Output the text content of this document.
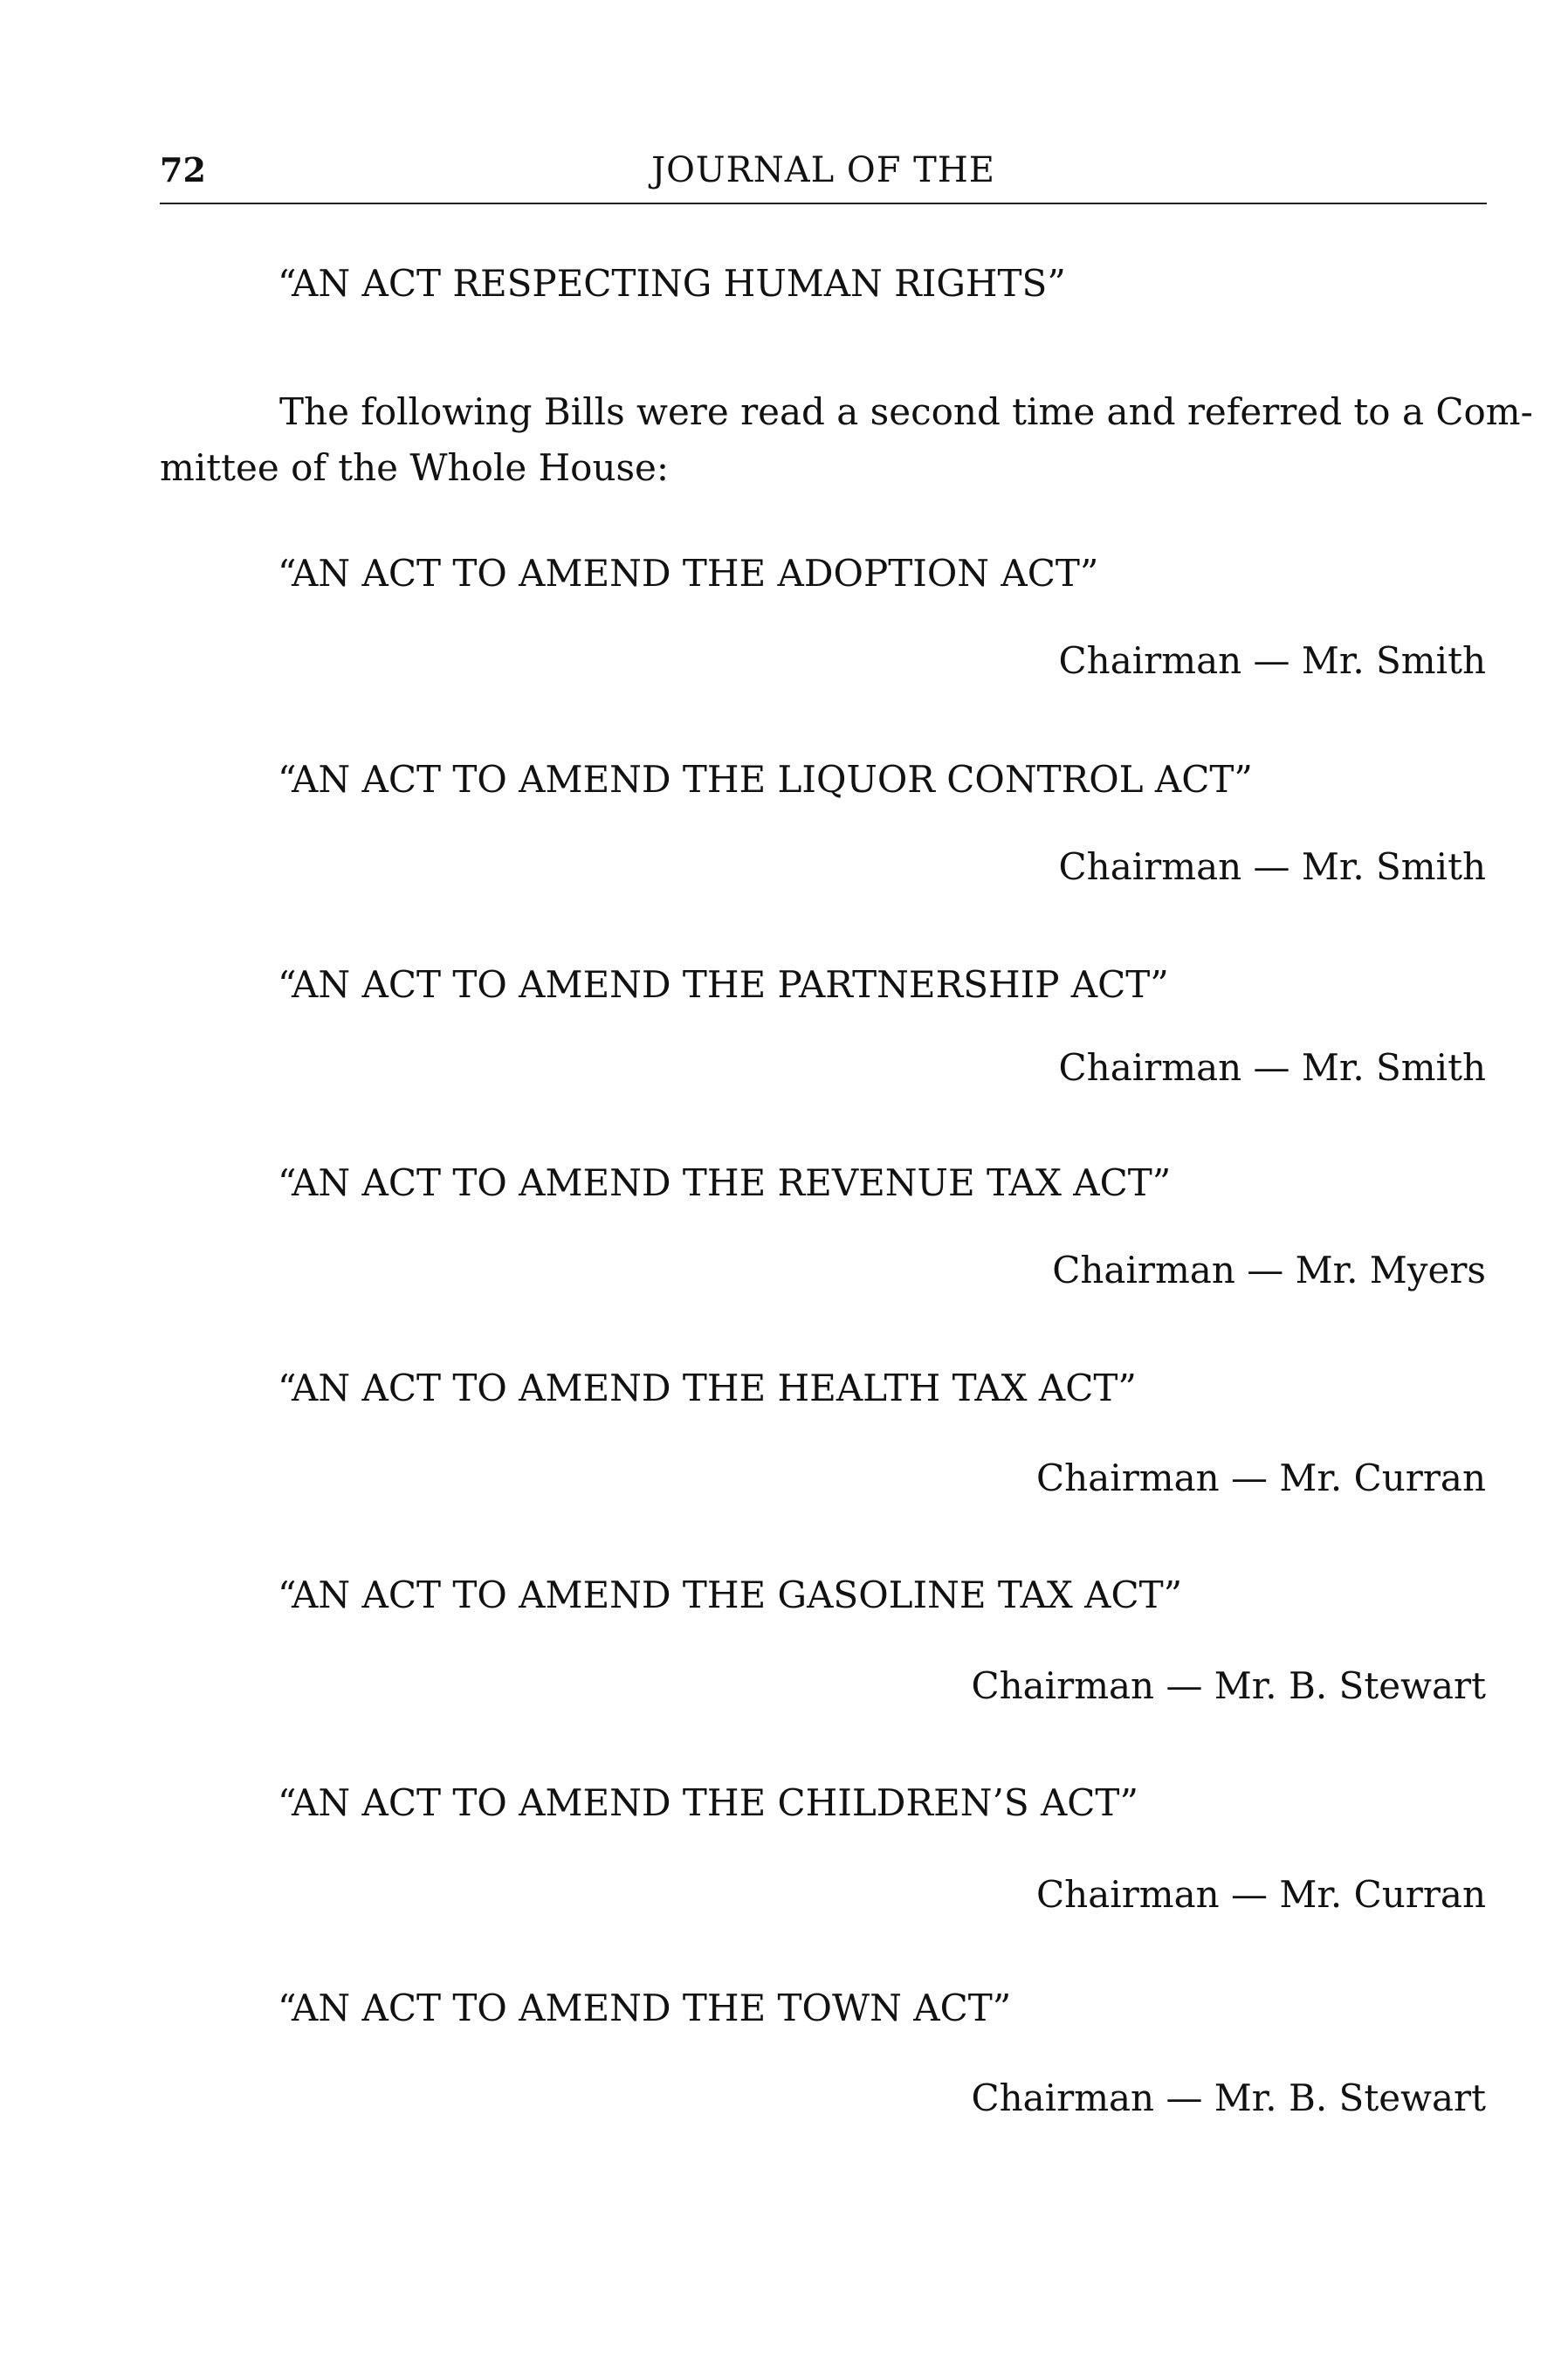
72	JOURNAL OF THE
“AN ACT RESPECTING HUMAN RIGHTS”
The following Bills were read a second time and referred to a Com-
mittee of the Whole House:
“AN ACT TO AMEND THE ADOPTION ACT”
Chairman — Mr. Smith
“AN ACT TO AMEND THE LIQUOR CONTROL ACT”
Chairman — Mr. Smith
“AN ACT TO AMEND THE PARTNERSHIP ACT”
Chairman — Mr. Smith
“AN ACT TO AMEND THE REVENUE TAX ACT”
Chairman — Mr. Myers
“AN ACT TO AMEND THE HEALTH TAX ACT”
Chairman — Mr. Curran
“AN ACT TO AMEND THE GASOLINE TAX ACT”
Chairman — Mr. B. Stewart
“AN ACT TO AMEND THE CHILDREN’S ACT”
Chairman — Mr. Curran
“AN ACT TO AMEND THE TOWN ACT”
Chairman — Mr. B. Stewart
